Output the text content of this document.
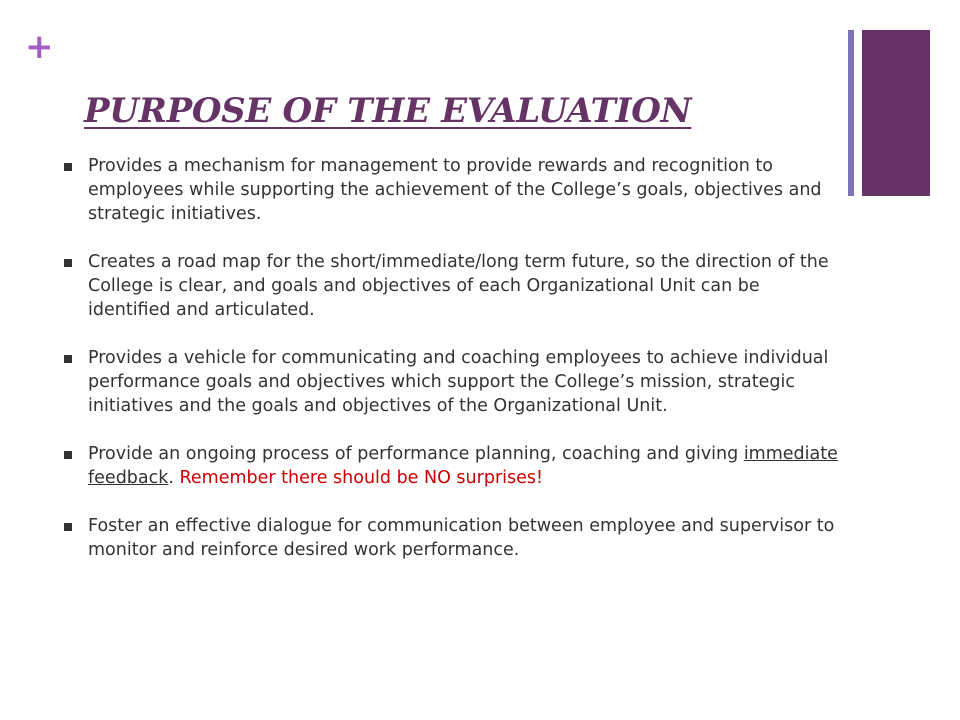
+
PURPOSE OF THE EVALUATION
Provides a mechanism for management to provide rewards and recognition to employees while supporting the achievement of the College’s goals, objectives and strategic initiatives.
Creates a road map for the short/immediate/long term future, so the direction of the College is clear, and goals and objectives of each Organizational Unit can be identified and articulated.
Provides a vehicle for communicating and coaching employees to achieve individual performance goals and objectives which support the College’s mission, strategic initiatives and the goals and objectives of the Organizational Unit.
Provide an ongoing process of performance planning, coaching and giving immediate feedback. Remember there should be NO surprises!
Foster an effective dialogue for communication between employee and supervisor to monitor and reinforce desired work performance.
